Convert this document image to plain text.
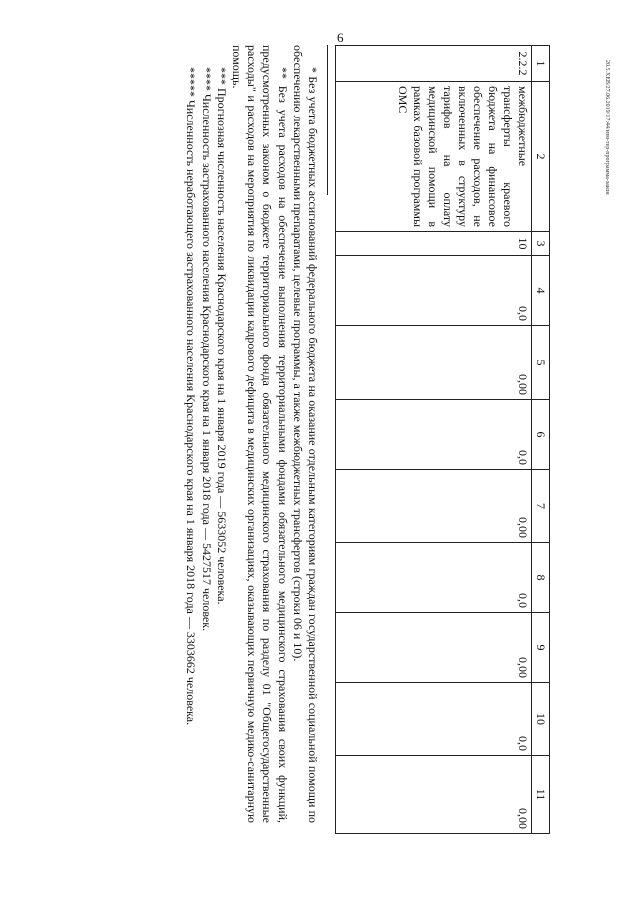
6
20.5.ХЕВ/27.06.2019/17:44/изм-тер-программа-закон
1	2	3	4	5	6	7	8	9	10	11
2.2.2	межбюджетные трансферты краевого бюджета на финансовое обеспечение расходов, не включенных в структуру тарифов на оплату медицинской помощи в рамках базовой программы ОМС	10	0,0	0,00	0,0	0,00	0,0	0,00	0,0	0,00

* Без учета бюджетных ассигнований федерального бюджета на оказание отдельным категориям граждан государственной социальной помощи по обеспечению лекарственными препаратами, целевые программы, а также межбюджетных трансфертов (строки 06 и 10).

** Без учета расходов на обеспечение выполнения территориальными фондами обязательного медицинского страхования своих функций, предусмотренных законом о бюджете территориального фонда обязательного медицинского страхования по разделу 01 "Общегосударственные расходы" и расходов на мероприятия по ликвидации кадрового дефицита в медицинских организациях, оказывающих первичную медико-санитарную помощь.

*** Прогнозная численность населения Краснодарского края на 1 января 2019 года — 5633052 человека.

**** Численность застрахованного населения Краснодарского края на 1 января 2018 года — 5427517 человек.

***** Численность неработающего застрахованного населения Краснодарского края на 1 января 2018 года — 3303662 человека.
